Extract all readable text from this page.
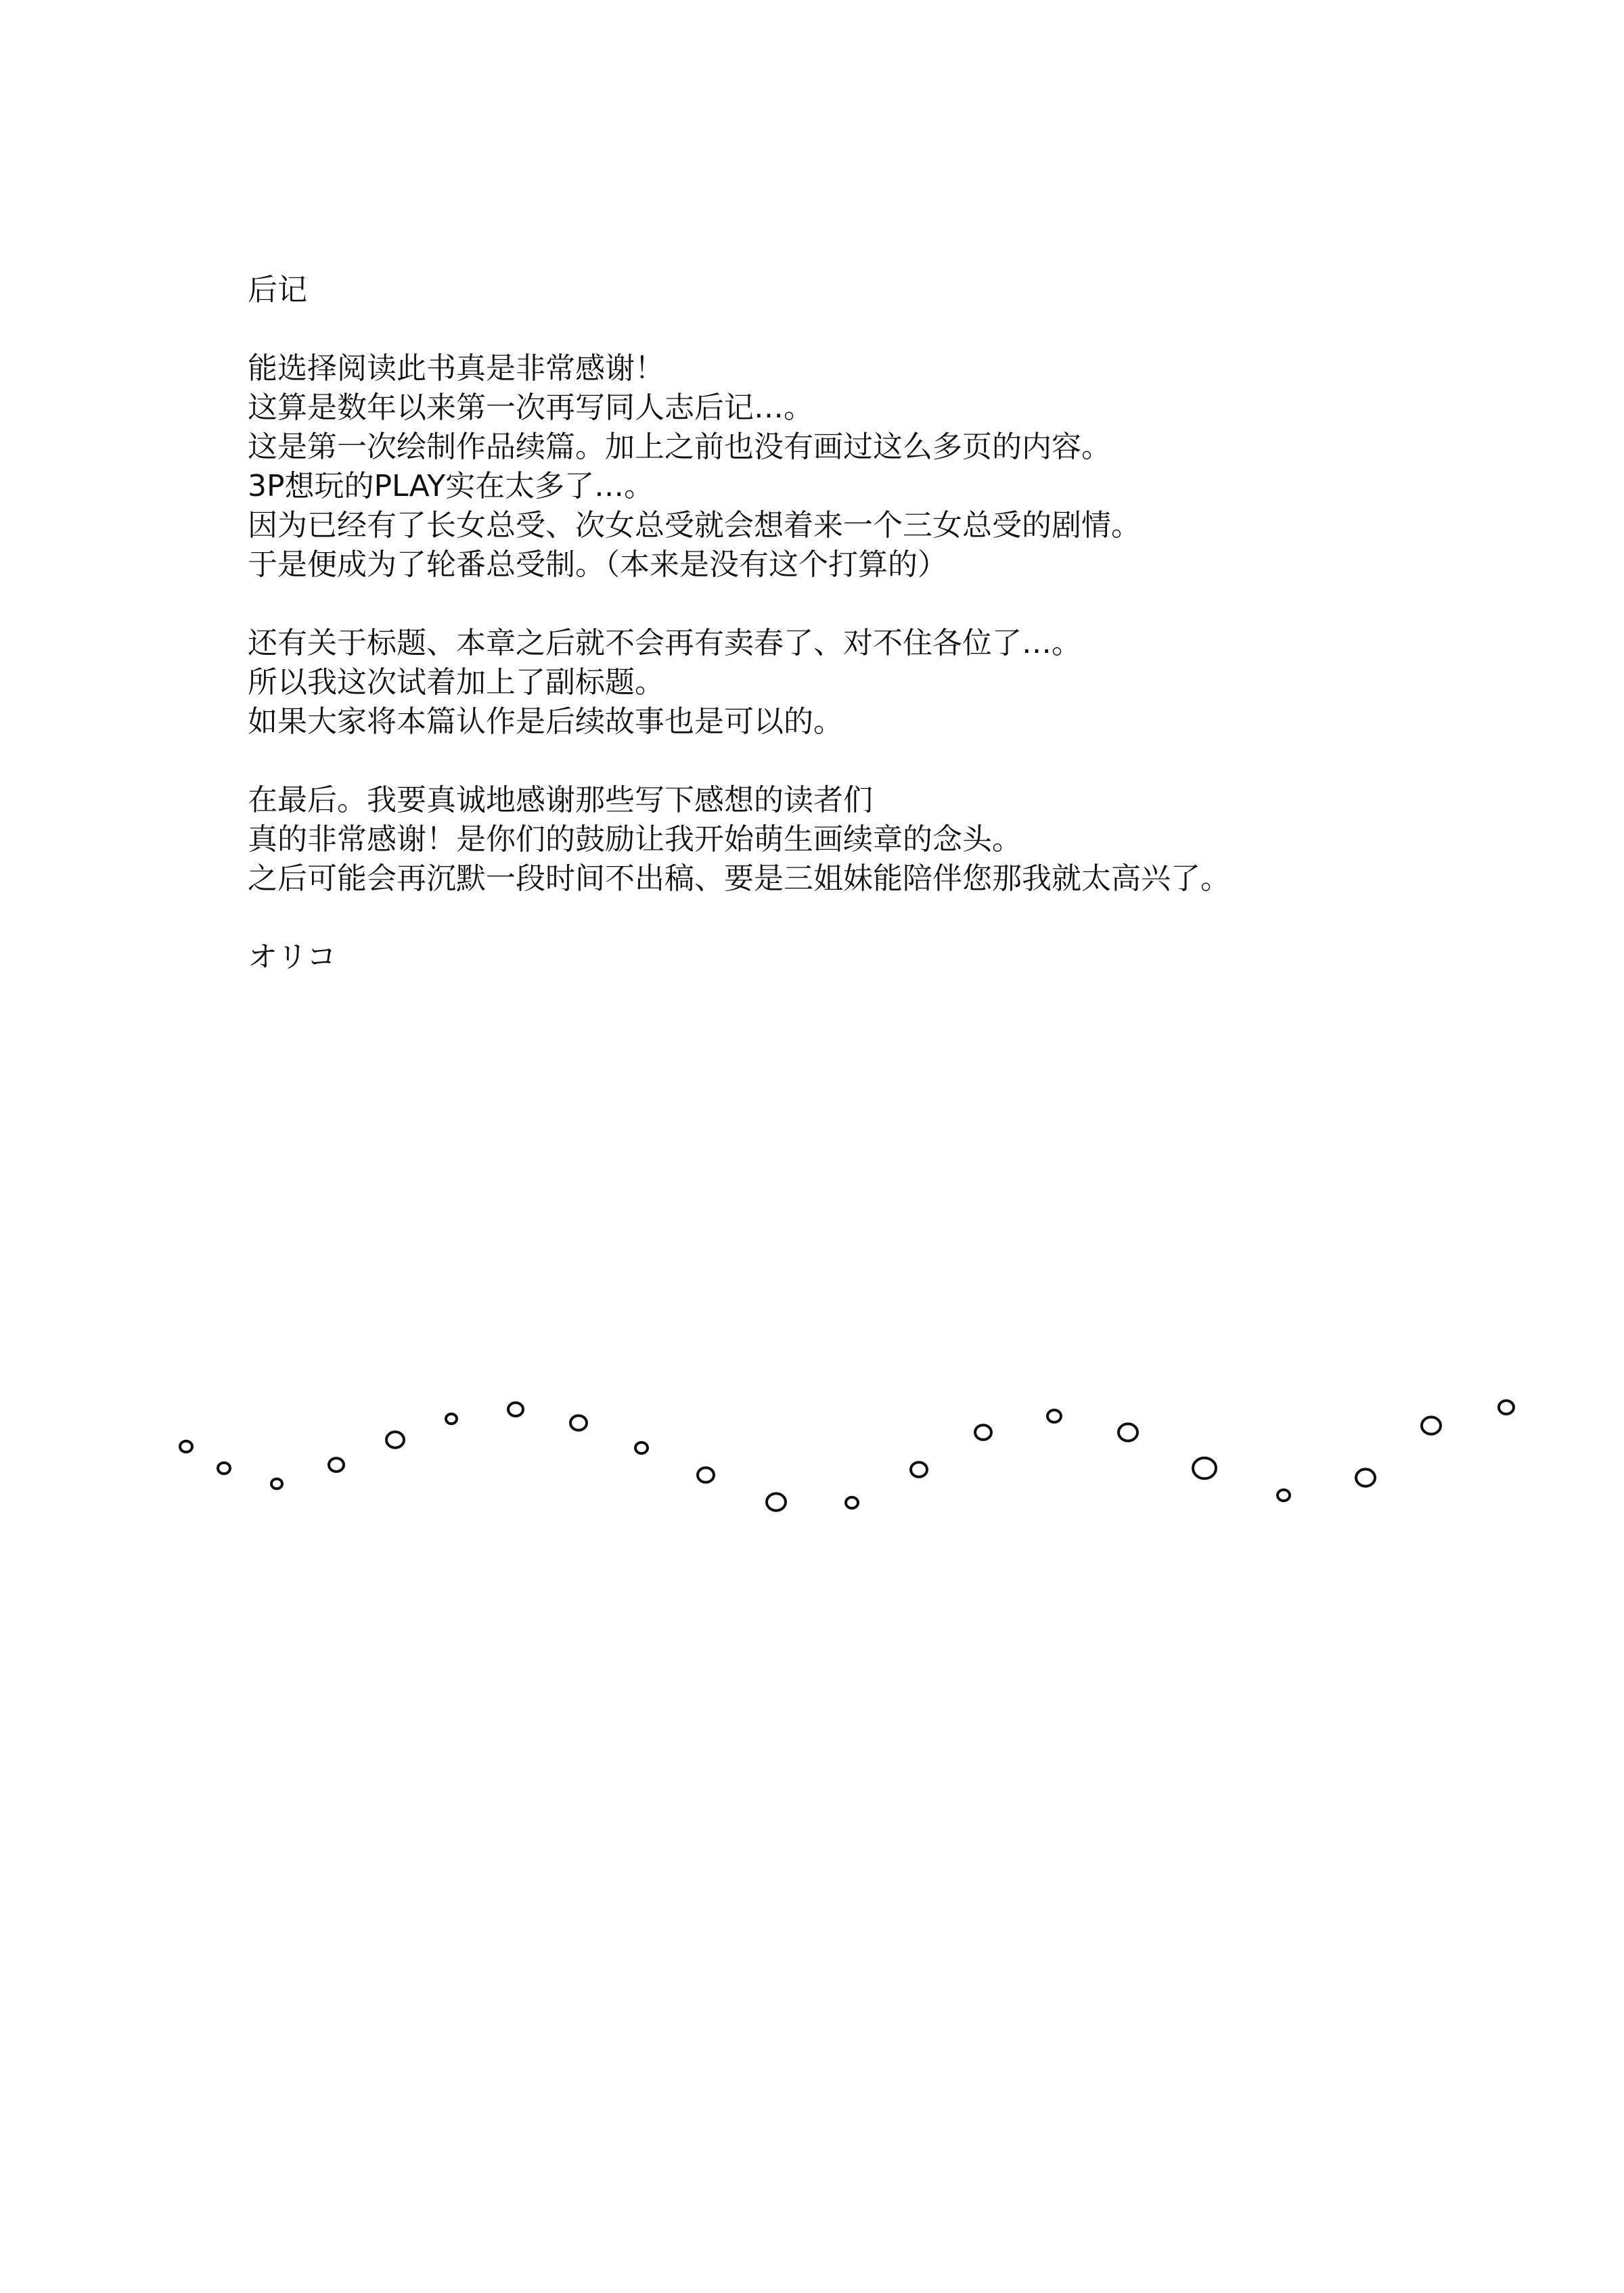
后记
能选择阅读此书真是非常感谢！
这算是数年以来第一次再写同人志后记…。
这是第一次绘制作品续篇。加上之前也没有画过这么多页的内容。
3P想玩的PLAY实在太多了…。
因为已经有了长女总受、次女总受就会想着来一个三女总受的剧情。
于是便成为了轮番总受制。（本来是没有这个打算的）
还有关于标题、本章之后就不会再有卖春了、对不住各位了…。
所以我这次试着加上了副标题。
如果大家将本篇认作是后续故事也是可以的。
在最后。我要真诚地感谢那些写下感想的读者们
真的非常感谢！是你们的鼓励让我开始萌生画续章的念头。
之后可能会再沉默一段时间不出稿、要是三姐妹能陪伴您那我就太高兴了。
オリコ
